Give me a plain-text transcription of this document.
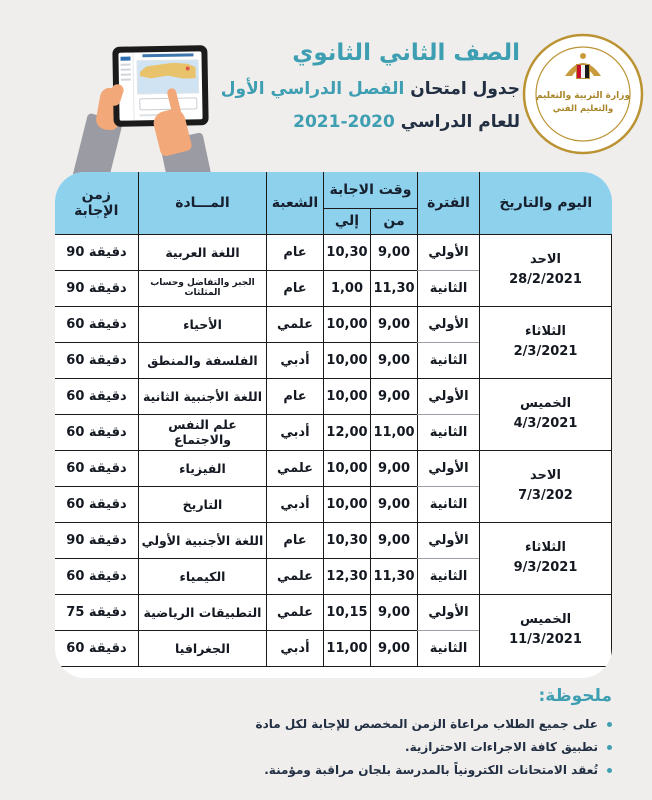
الصف الثاني الثانوي
جدول امتحان الفصل الدراسي الأول
للعام الدراسي 2021-2020
وزارة التربية والتعليم
والتعليم الفني
اليوم والتاريخ	الفترة	وقت الاجابة		الشعبة	المـــادة	زمن الإجابة
		من	إلي			
الاحد
28/2/2021	الأولي	9,00	10,30	عام	اللغة العربية	90 دقيقة
	الثانية	11,30	1,00	عام	الجبر والتفاضل وحساب المثلثات	90 دقيقة
الثلاثاء
2/3/2021	الأولي	9,00	10,00	علمي	الأحياء	60 دقيقة
	الثانية	9,00	10,00	أدبي	الفلسفة والمنطق	60 دقيقة
الخميس
4/3/2021	الأولي	9,00	10,00	عام	اللغة الأجنبية الثانية	60 دقيقة
	الثانية	11,00	12,00	أدبي	علم النفس والاجتماع	60 دقيقة
الاحد
7/3/202	الأولي	9,00	10,00	علمي	الفيزياء	60 دقيقة
	الثانية	9,00	10,00	أدبي	التاريخ	60 دقيقة
الثلاثاء
9/3/2021	الأولي	9,00	10,30	عام	اللغة الأجنبية الأولي	90 دقيقة
	الثانية	11,30	12,30	علمي	الكيمياء	60 دقيقة
الخميس
11/3/2021	الأولي	9,00	10,15	علمي	التطبيقات الرياضية	75 دقيقة
	الثانية	9,00	11,00	أدبي	الجغرافيا	60 دقيقة
ملحوظة:
على جميع الطلاب مراعاة الزمن المخصص للإجابة لكل مادة
تطبيق كافة الاجراءات الاحترازية.
تُعقد الامتحانات الكترونياً بالمدرسة بلجان مراقبة ومؤمنة.
